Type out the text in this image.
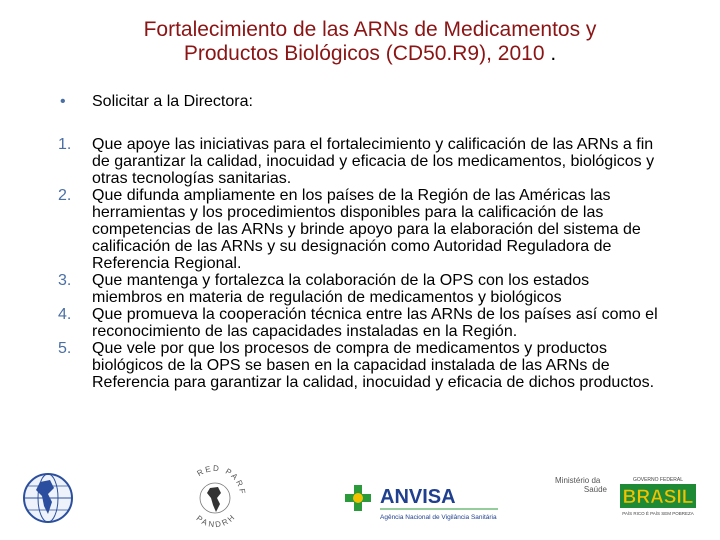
Fortalecimiento de las ARNs de Medicamentos y
Productos Biológicos (CD50.R9), 2010 .
• Solicitar a la Directora:
1. Que apoye las iniciativas para el fortalecimiento y calificación de las ARNs a fin de garantizar la calidad, inocuidad y eficacia de los medicamentos, biológicos y otras tecnologías sanitarias.
2. Que difunda ampliamente en los países de la Región de las Américas las herramientas y los procedimientos disponibles para la calificación de las competencias de las ARNs y brinde apoyo para la elaboración del sistema de calificación de las ARNs y su designación como Autoridad Reguladora de Referencia Regional.
3. Que mantenga y fortalezca la colaboración de la OPS con los estados miembros en materia de regulación de medicamentos y biológicos
4. Que promueva la cooperación técnica entre las ARNs de los países así como el reconocimiento de las capacidades instaladas en la Región.
5. Que vele por que los procesos de compra de medicamentos y productos biológicos de la OPS se basen en la capacidad instalada de las ARNs de Referencia para garantizar la calidad, inocuidad y eficacia de dichos productos.
RED PARF
PANDRH
ANVISA
Agência Nacional de Vigilância Sanitária
Ministério da
Saúde
GOVERNO FEDERAL
BRASIL
PAÍS RICO É PAÍS SEM POBREZA
